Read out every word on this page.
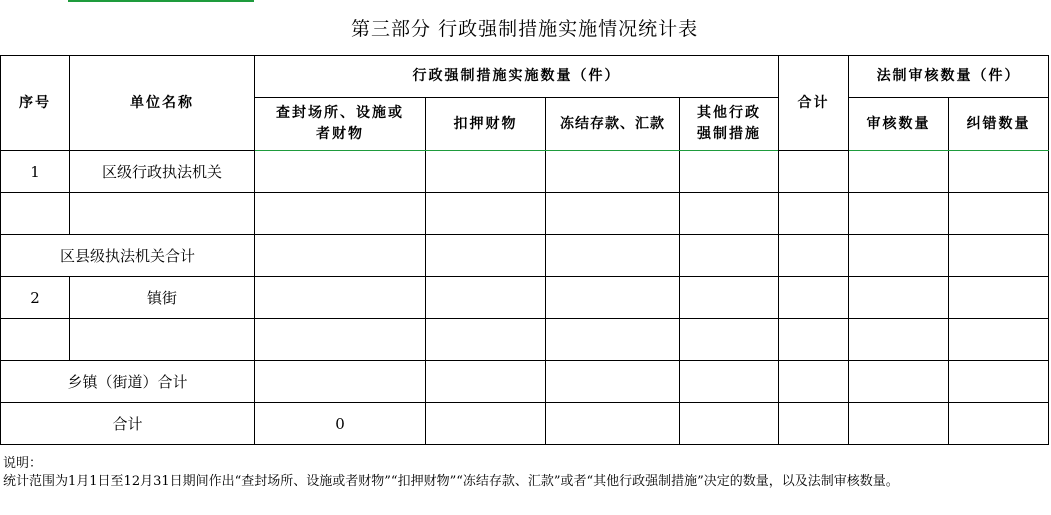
第三部分 行政强制措施实施情况统计表								
序号	单位名称	行政强制措施实施数量（件）				合计	法制审核数量（件）	
		查封场所、设施或者财物	扣押财物	冻结存款、汇款	其他行政强制措施		审核数量	纠错数量
1	区级行政执法机关							

区县级执法机关合计								
2	镇街							

乡镇（街道）合计								
合计		0						
说明：
统计范围为1月1日至12月31日期间作出“查封场所、设施或者财物”“扣押财物”“冻结存款、汇款”或者“其他行政强制措施”决定的数量，以及法制审核数量。
